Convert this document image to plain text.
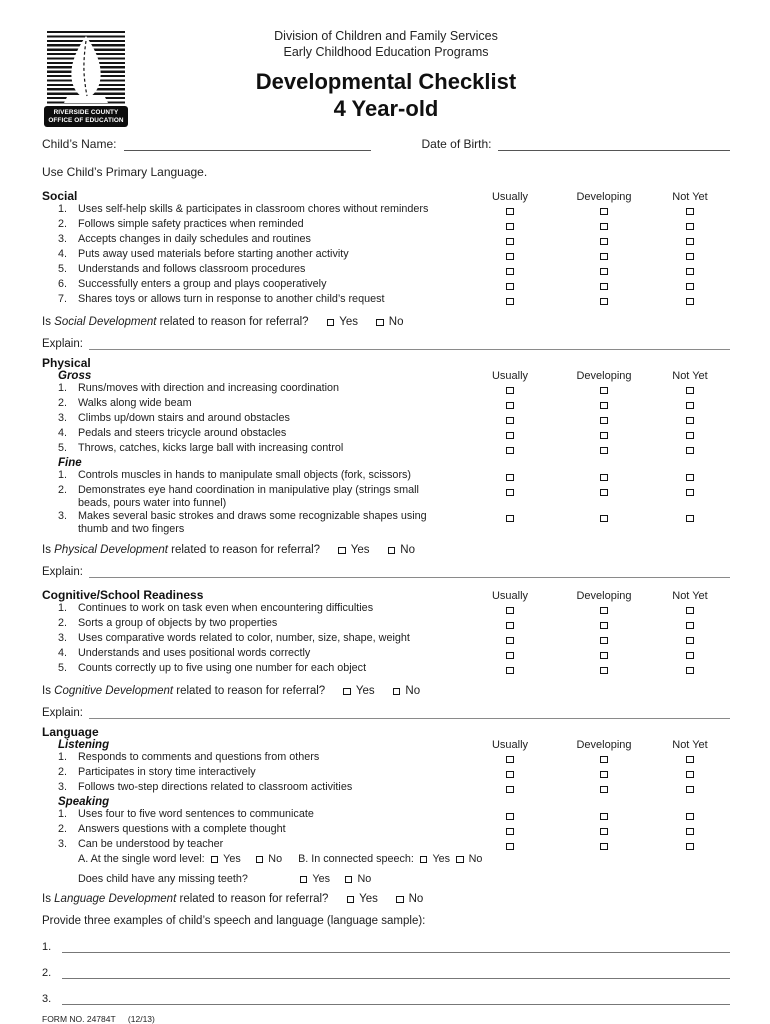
RIVERSIDE COUNTY
OFFICE OF EDUCATION
Division of Children and Family Services
Early Childhood Education Programs
Developmental Checklist
4 Year-old
Child’s Name:	Date of Birth:
Use Child’s Primary Language.
Social	Usually	Developing	Not Yet
1.	Uses self-help skills & participates in classroom chores without reminders
2.	Follows simple safety practices when reminded
3.	Accepts changes in daily schedules and routines
4.	Puts away used materials before starting another activity
5.	Understands and follows classroom procedures
6.	Successfully enters a group and plays cooperatively
7.	Shares toys or allows turn in response to another child’s request
Is Social Development related to reason for referral?	Yes	No
Explain:
Physical
Gross	Usually	Developing	Not Yet
1.	Runs/moves with direction and increasing coordination
2.	Walks along wide beam
3.	Climbs up/down stairs and around obstacles
4.	Pedals and steers tricycle around obstacles
5.	Throws, catches, kicks large ball with increasing control
Fine
1.	Controls muscles in hands to manipulate small objects (fork, scissors)
2.	Demonstrates eye hand coordination in manipulative play (strings small
beads, pours water into funnel)
3.	Makes several basic strokes and draws some recognizable shapes using
thumb and two fingers
Is Physical Development related to reason for referral?	Yes	No
Explain:
Cognitive/School Readiness	Usually	Developing	Not Yet
1.	Continues to work on task even when encountering difficulties
2.	Sorts a group of objects by two properties
3.	Uses comparative words related to color, number, size, shape, weight
4.	Understands and uses positional words correctly
5.	Counts correctly up to five using one number for each object
Is Cognitive Development related to reason for referral?	Yes	No
Explain:
Language
Listening	Usually	Developing	Not Yet
1.	Responds to comments and questions from others
2.	Participates in story time interactively
3.	Follows two-step directions related to classroom activities
Speaking
1.	Uses four to five word sentences to communicate
2.	Answers questions with a complete thought
3.	Can be understood by teacher
A. At the single word level: Yes	No B. In connected speech: Yes No
Does child have any missing teeth?	Yes	No
Is Language Development related to reason for referral?	Yes	No
Provide three examples of child’s speech and language (language sample):
1.
2.
3.
FORM NO. 24784T (12/13)
